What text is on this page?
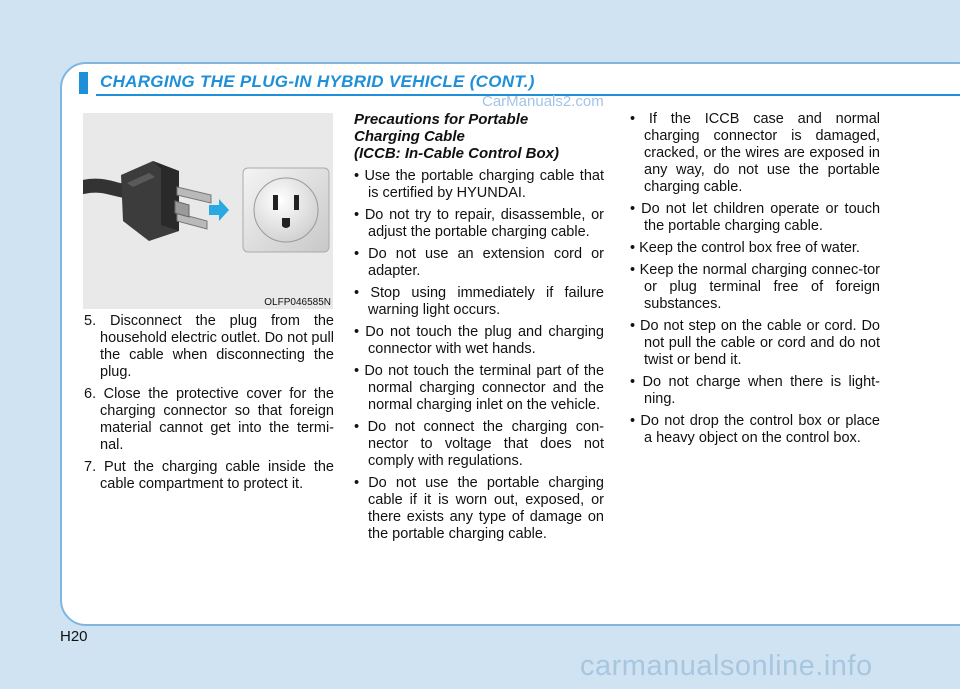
CHARGING THE PLUG-IN HYBRID VEHICLE (CONT.)
CarManuals2.com
OLFP046585N

5. Disconnect the plug from the household electric outlet. Do not pull the cable when disconnecting the plug.

6. Close the protective cover for the charging connector so that foreign material cannot get into the termi-nal.

7. Put the charging cable inside the cable compartment to protect it.

Precautions for Portable
Charging Cable
(ICCB: In-Cable Control Box)

• Use the portable charging cable that is certified by HYUNDAI.

• Do not try to repair, disassemble, or adjust the portable charging cable.

• Do not use an extension cord or adapter.

• Stop using immediately if failure warning light occurs.

• Do not touch the plug and charging connector with wet hands.

• Do not touch the terminal part of the normal charging connector and the normal charging inlet on the vehicle.

• Do not connect the charging con-nector to voltage that does not comply with regulations.

• Do not use the portable charging cable if it is worn out, exposed, or there exists any type of damage on the portable charging cable.

• If the ICCB case and normal charging connector is damaged, cracked, or the wires are exposed in any way, do not use the portable charging cable.

• Do not let children operate or touch the portable charging cable.

• Keep the control box free of water.

• Keep the normal charging connec-tor or plug terminal free of foreign substances.

• Do not step on the cable or cord. Do not pull the cable or cord and do not twist or bend it.

• Do not charge when there is light-ning.

• Do not drop the control box or place a heavy object on the control box.

H20
carmanualsonline.info
